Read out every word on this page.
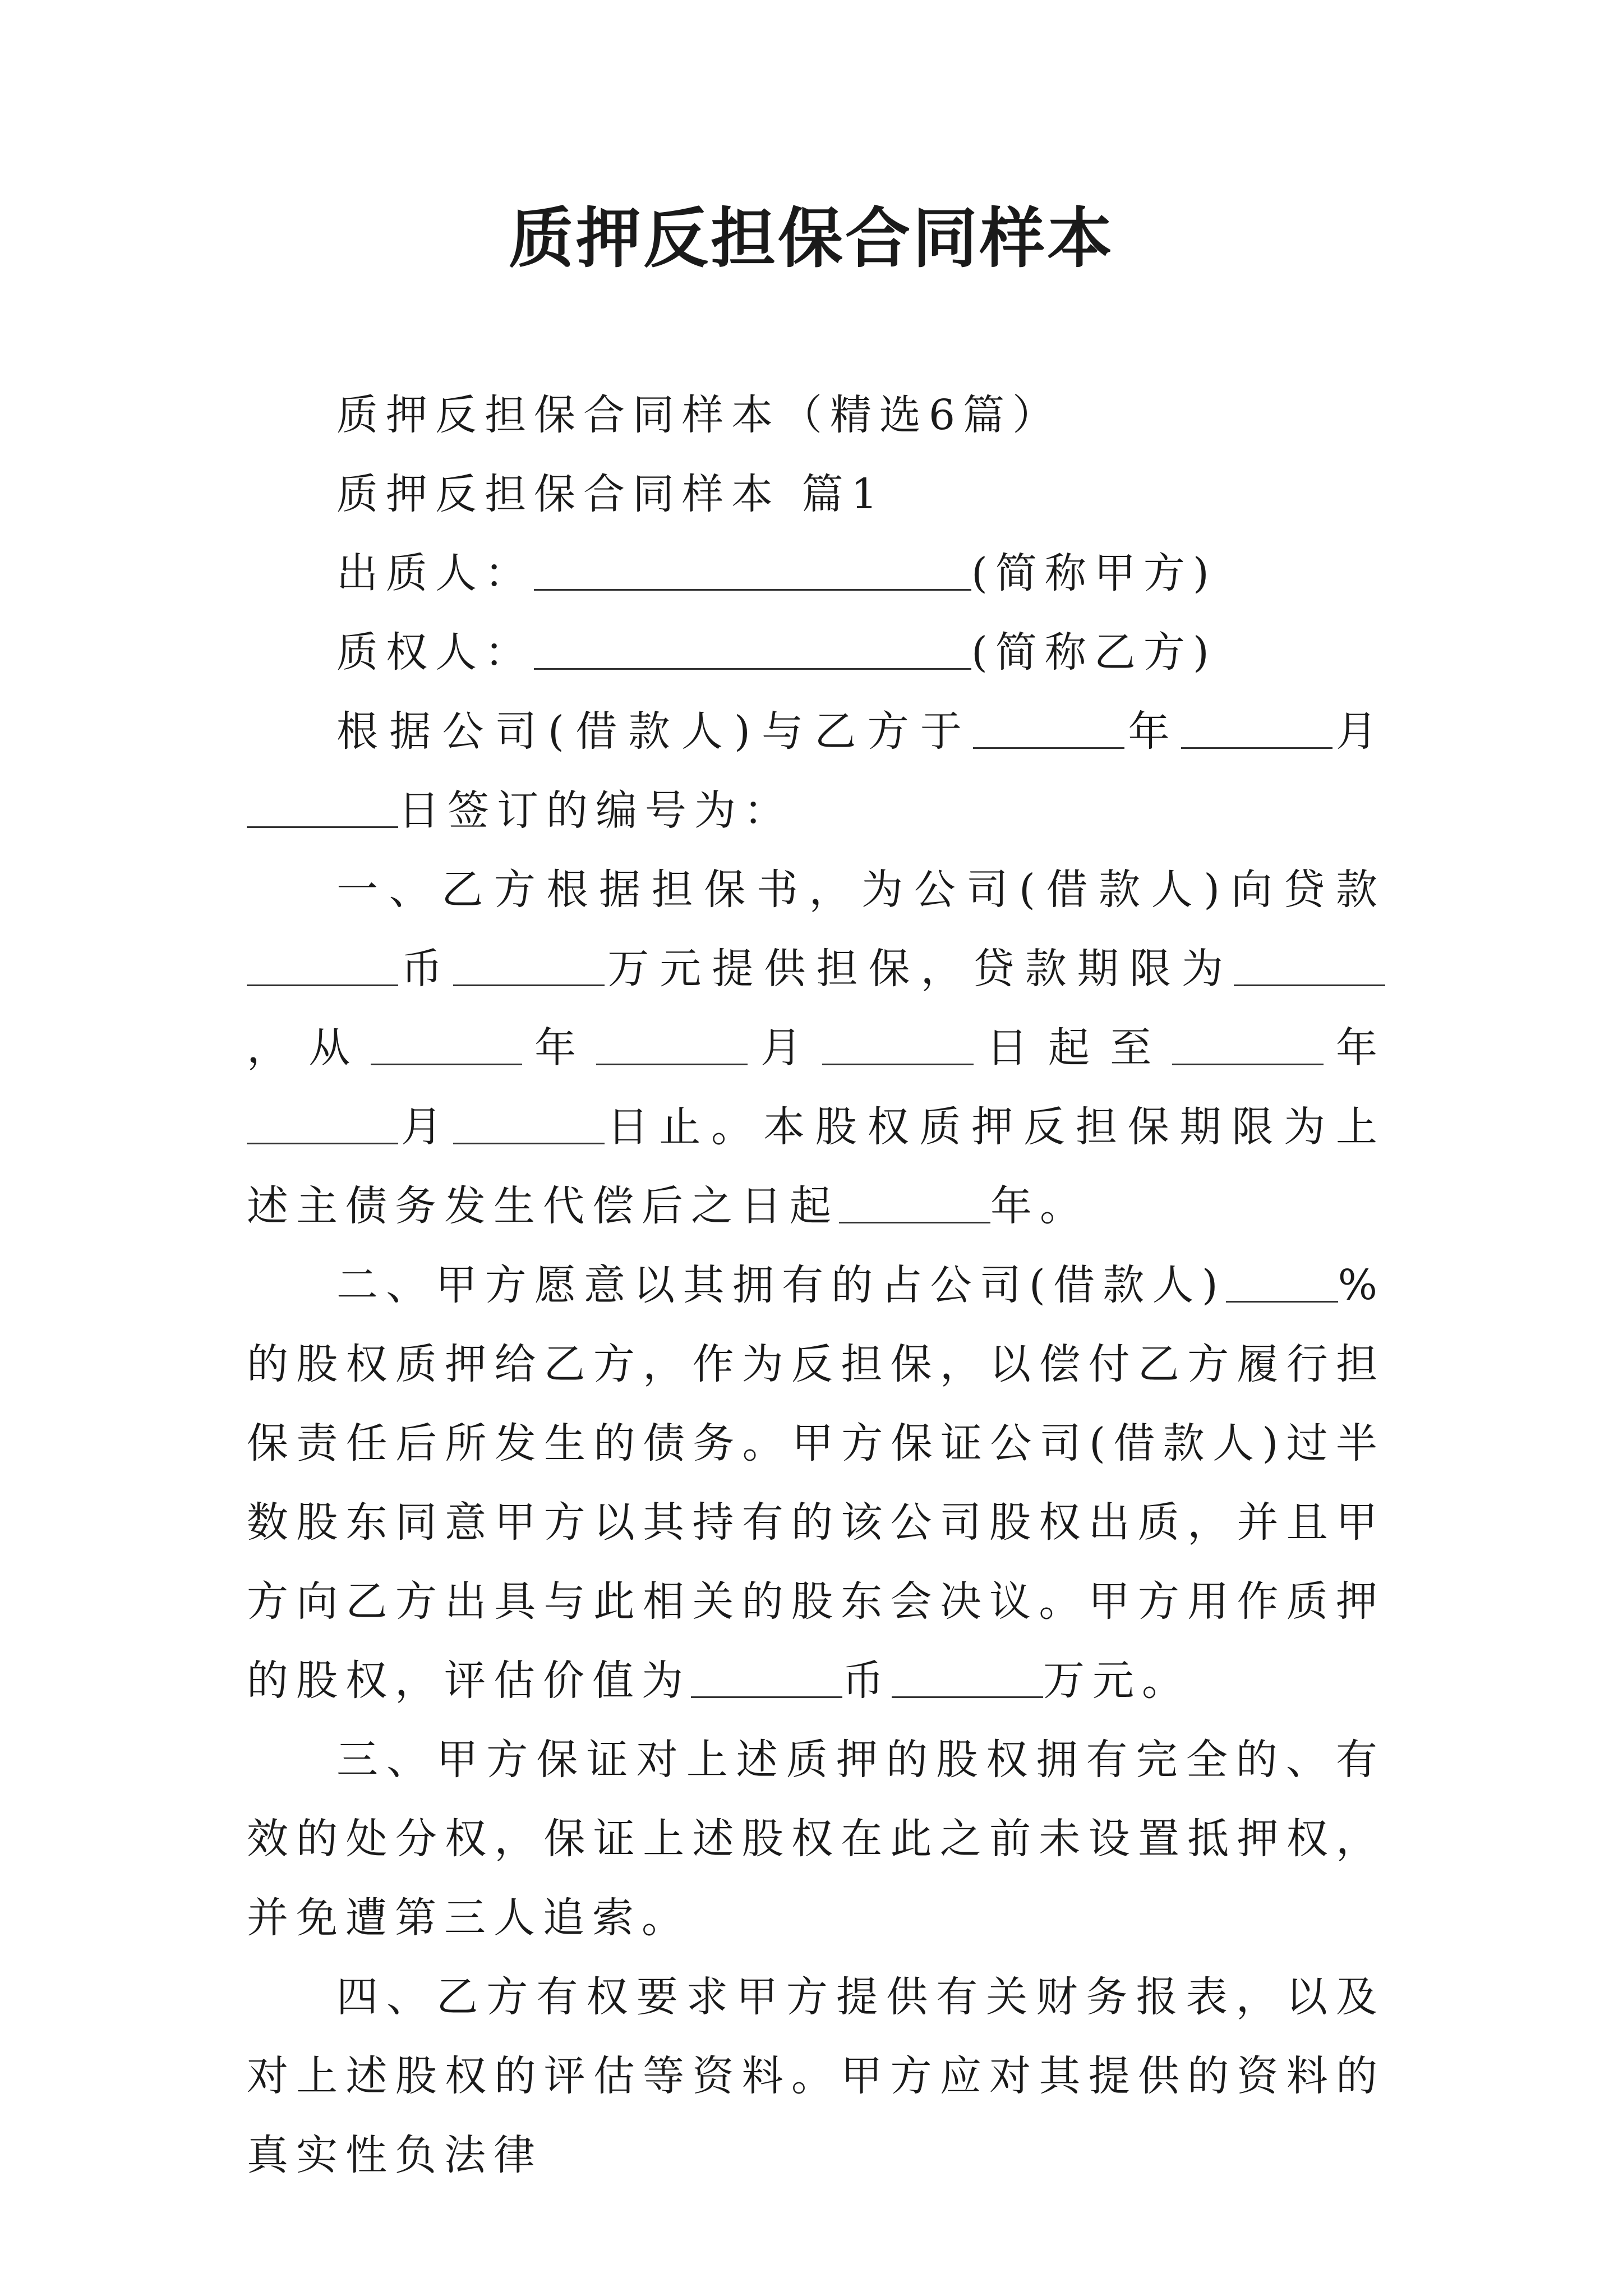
质押反担保合同样本

质押反担保合同样本（精选6篇）

质押反担保合同样本 篇1

出质人：	(简称甲方)

质权人：	(简称乙方)

根据公司(借款人)与乙方于	年	月日签订的编号为：

一、乙方根据担保书，为公司(借款人)向贷款币	万元提供担保，贷款期限为，从	年	月	日起至	年月	日止。本股权质押反担保期限为上述主债务发生代偿后之日起	年。

二、甲方愿意以其拥有的占公司(借款人)	%的股权质押给乙方，作为反担保，以偿付乙方履行担保责任后所发生的债务。甲方保证公司(借款人)过半数股东同意甲方以其持有的该公司股权出质，并且甲方向乙方出具与此相关的股东会决议。甲方用作质押的股权，评估价值为	币	万元。

三、甲方保证对上述质押的股权拥有完全的、有效的处分权，保证上述股权在此之前未设置抵押权，并免遭第三人追索。

四、乙方有权要求甲方提供有关财务报表，以及对上述股权的评估等资料。甲方应对其提供的资料的真实性负法律
